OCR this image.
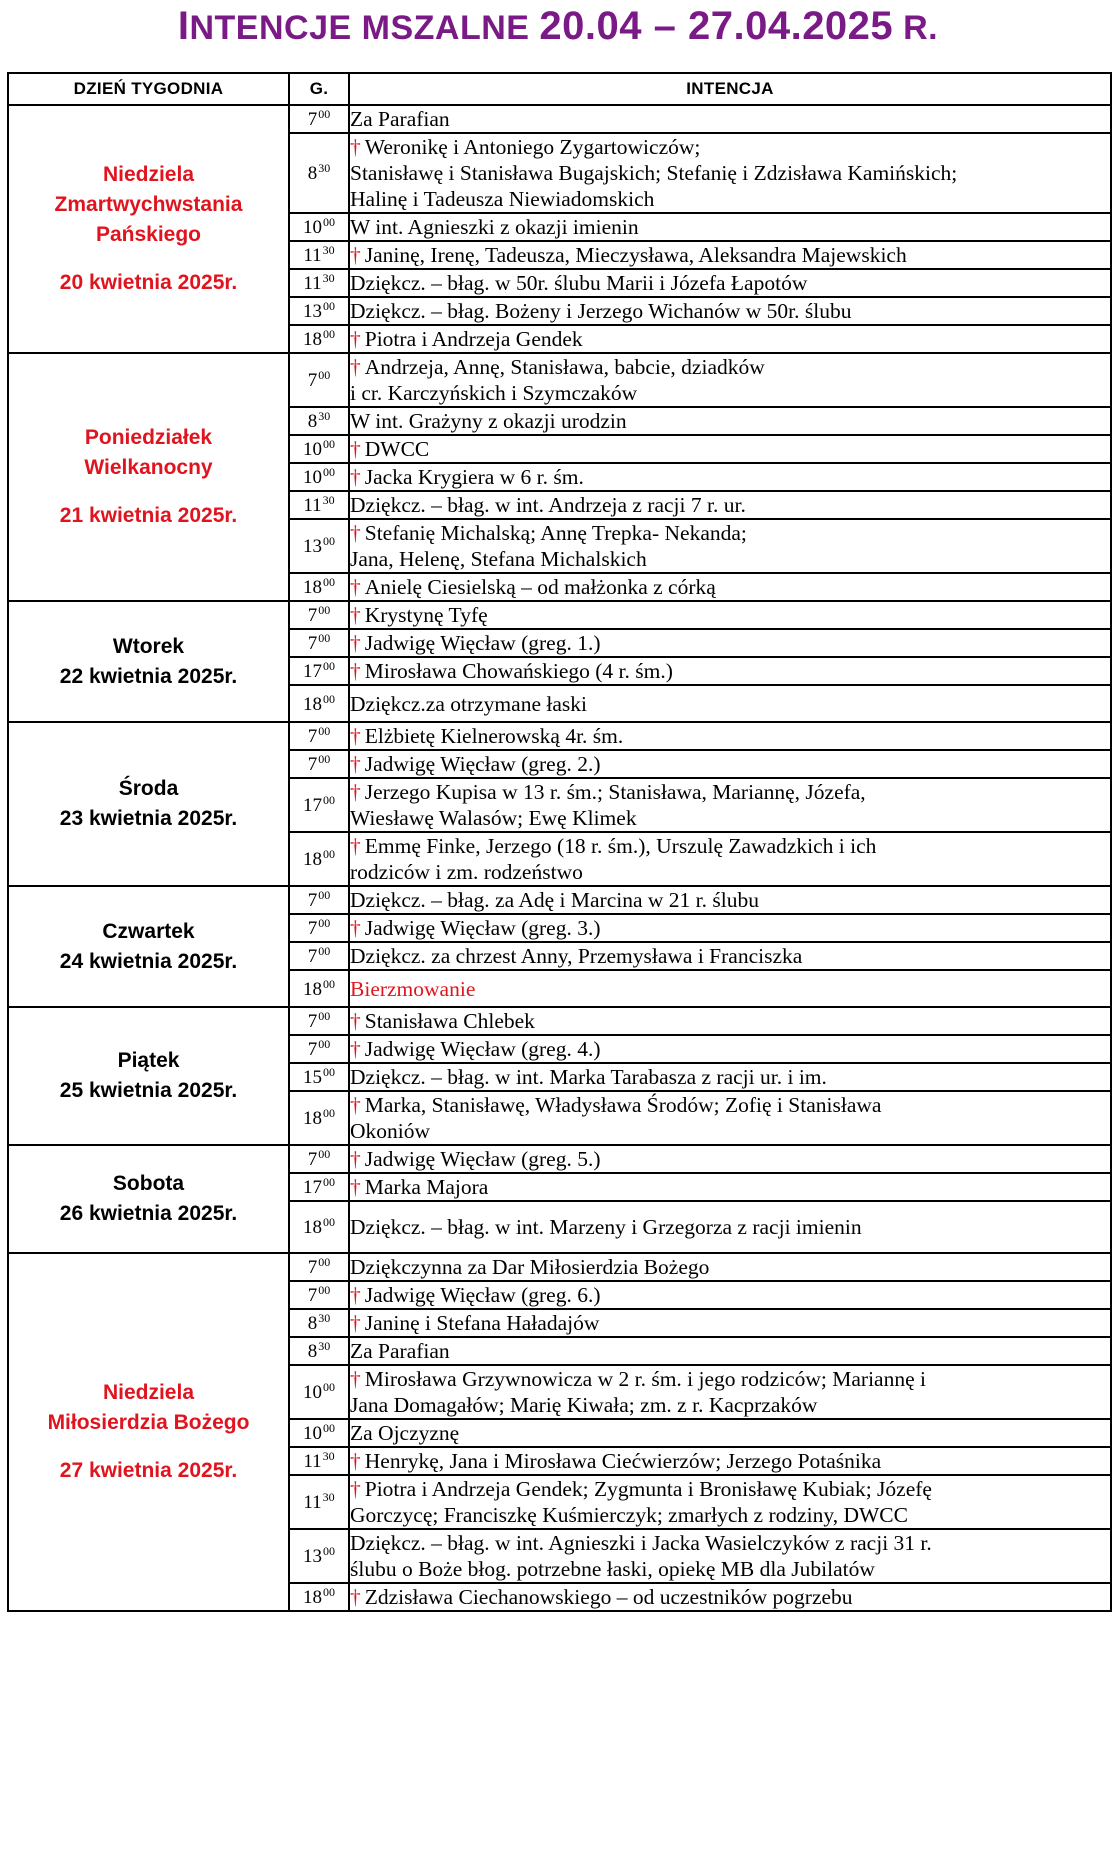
INTENCJE MSZALNE 20.04 – 27.04.2025 R.
DZIEŃ TYGODNIA	G.	INTENCJA

Niedziela
Zmartwychwstania
Pańskiego
20 kwietnia 2025r.	$7^{00}$	Za Parafian

	$8^{30}$	† Weronikę i Antoniego Zygartowiczów;
Stanisławę i Stanisława Bugajskich; Stefanię i Zdzisława Kamińskich;
Halinę i Tadeusza Niewiadomskich

	$10^{00}$	W int. Agnieszki z okazji imienin

	$11^{30}$	† Janinę, Irenę, Tadeusza, Mieczysława, Aleksandra Majewskich

	$11^{30}$	Dziękcz. – błag. w 50r. ślubu Marii i Józefa Łapotów

	$13^{00}$	Dziękcz. – błag. Bożeny i Jerzego Wichanów w 50r. ślubu

	$18^{00}$	† Piotra i Andrzeja Gendek

Poniedziałek
Wielkanocny
21 kwietnia 2025r.	$7^{00}$	† Andrzeja, Annę, Stanisława, babcie, dziadków
i cr. Karczyńskich i Szymczaków

	$8^{30}$	W int. Grażyny z okazji urodzin

	$10^{00}$	† DWCC

	$10^{00}$	† Jacka Krygiera w 6 r. śm.

	$11^{30}$	Dziękcz. – błag. w int. Andrzeja z racji 7 r. ur.

	$13^{00}$	† Stefanię Michalską; Annę Trepka- Nekanda;
Jana, Helenę, Stefana Michalskich

	$18^{00}$	† Anielę Ciesielską – od małżonka z córką

Wtorek
22 kwietnia 2025r.	$7^{00}$	† Krystynę Tyfę

	$7^{00}$	† Jadwigę Więcław (greg. 1.)

	$17^{00}$	† Mirosława Chowańskiego (4 r. śm.)

	$18^{00}$	Dziękcz.za otrzymane łaski

Środa
23 kwietnia 2025r.	$7^{00}$	† Elżbietę Kielnerowską 4r. śm.

	$7^{00}$	† Jadwigę Więcław (greg. 2.)

	$17^{00}$	† Jerzego Kupisa w 13 r. śm.; Stanisława, Mariannę, Józefa,
Wiesławę Walasów; Ewę Klimek

	$18^{00}$	† Emmę Finke, Jerzego (18 r. śm.), Urszulę Zawadzkich i ich
rodziców i zm. rodzeństwo

Czwartek
24 kwietnia 2025r.	$7^{00}$	Dziękcz. – błag. za Adę i Marcina w 21 r. ślubu

	$7^{00}$	† Jadwigę Więcław (greg. 3.)

	$7^{00}$	Dziękcz. za chrzest Anny, Przemysława i Franciszka

	$18^{00}$	Bierzmowanie

Piątek
25 kwietnia 2025r.	$7^{00}$	† Stanisława Chlebek

	$7^{00}$	† Jadwigę Więcław (greg. 4.)

	$15^{00}$	Dziękcz. – błag. w int. Marka Tarabasza z racji ur. i im.

	$18^{00}$	† Marka, Stanisławę, Władysława Środów; Zofię i Stanisława
Okoniów

Sobota
26 kwietnia 2025r.	$7^{00}$	† Jadwigę Więcław (greg. 5.)

	$17^{00}$	† Marka Majora

	$18^{00}$	Dziękcz. – błag. w int. Marzeny i Grzegorza z racji imienin

Niedziela
Miłosierdzia Bożego
27 kwietnia 2025r.	$7^{00}$	Dziękczynna za Dar Miłosierdzia Bożego

	$7^{00}$	† Jadwigę Więcław (greg. 6.)

	$8^{30}$	† Janinę i Stefana Haładajów

	$8^{30}$	Za Parafian

	$10^{00}$	† Mirosława Grzywnowicza w 2 r. śm. i jego rodziców; Mariannę i
Jana Domagałów; Marię Kiwała; zm. z r. Kacprzaków

	$10^{00}$	Za Ojczyznę

	$11^{30}$	† Henrykę, Jana i Mirosława Ciećwierzów; Jerzego Potaśnika

	$11^{30}$	† Piotra i Andrzeja Gendek; Zygmunta i Bronisławę Kubiak; Józefę
Gorczycę; Franciszkę Kuśmierczyk; zmarłych z rodziny, DWCC

	$13^{00}$	Dziękcz. – błag. w int. Agnieszki i Jacka Wasielczyków z racji 31 r.
ślubu o Boże błog. potrzebne łaski, opiekę MB dla Jubilatów

	$18^{00}$	† Zdzisława Ciechanowskiego – od uczestników pogrzebu
